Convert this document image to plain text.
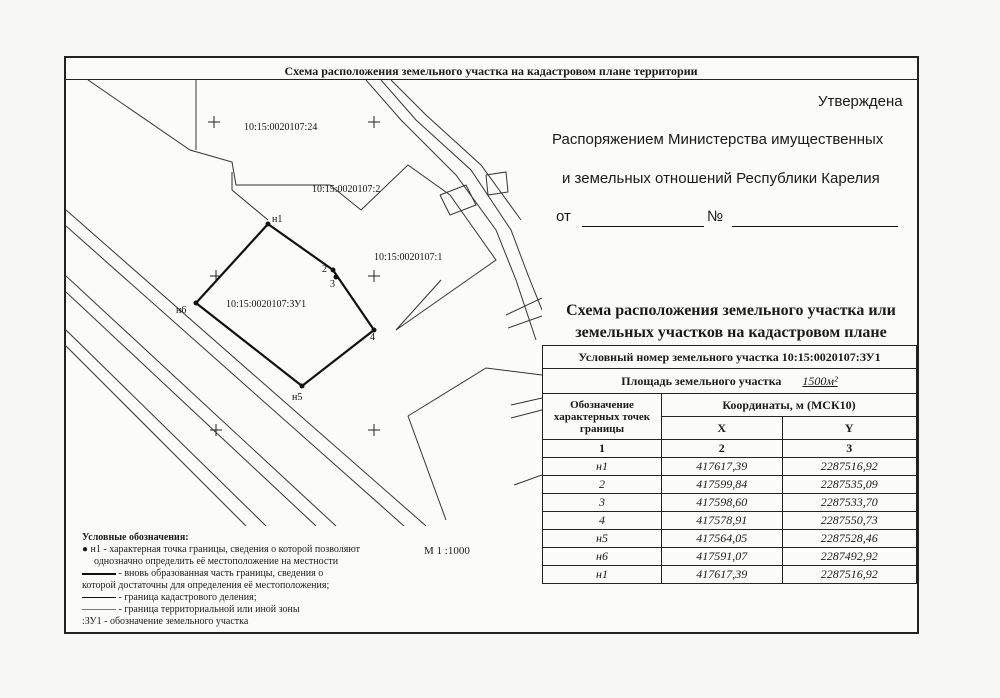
Схема расположения земельного участка на кадастровом плане территории
10:15:0020107:24
10:15:0020107:2
10:15:0020107:1
10:15:0020107:ЗУ1
н1
2
3
4
н5
н6
Утверждена
Распоряжением Министерства имущественных
и земельных отношений Республики Карелия
от	№
Схема расположения земельного участка или
земельных участков на кадастровом плане
Условный номер земельного участка 10:15:0020107:ЗУ1		
Площадь земельного участка 1500м²		
Обозначение характерных точек границы	Координаты, м (МСК10)	
	X	Y
1	2	3
н1	417617,39	2287516,92
2	417599,84	2287535,09
3	417598,60	2287533,70
4	417578,91	2287550,73
н5	417564,05	2287528,46
н6	417591,07	2287492,92
н1	417617,39	2287516,92
Условные обозначения:
● н1 - характерная точка границы, сведения о которой позволяют
однозначно определить её местоположение на местности
- вновь образованная часть границы, сведения о
которой достаточны для определения её местоположения;
- граница кадастрового деления;
- граница территориальной или иной зоны
:ЗУ1 - обозначение земельного участка
М 1 :1000
